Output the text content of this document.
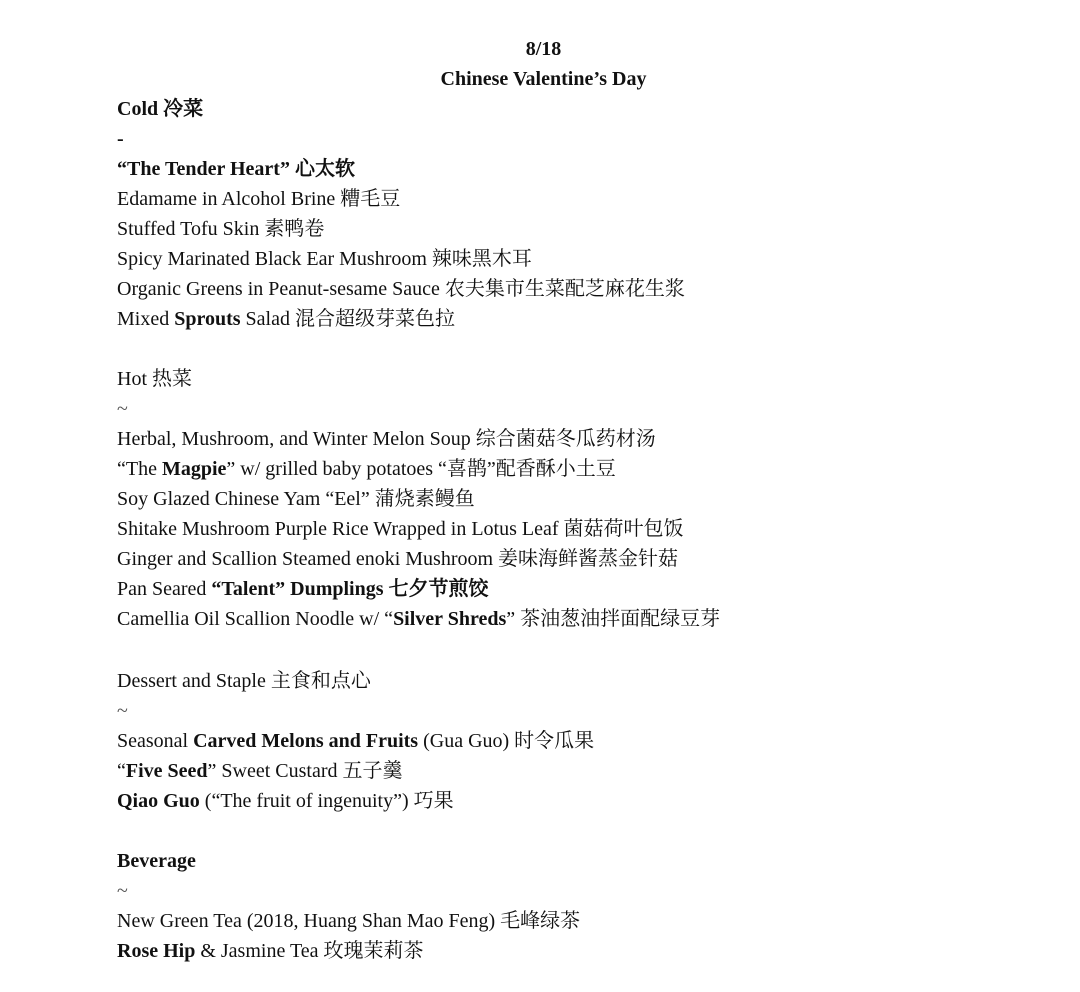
8/18
Chinese Valentine’s Day
Cold 冷菜
-
“The Tender Heart” 心太软
Edamame in Alcohol Brine 糟毛豆
Stuffed Tofu Skin 素鸭卷
Spicy Marinated Black Ear Mushroom 辣味黑木耳
Organic Greens in Peanut-sesame Sauce 农夫集市生菜配芝麻花生浆
Mixed Sprouts Salad 混合超级芽菜色拉
Hot 热菜
~
Herbal, Mushroom, and Winter Melon Soup 综合菌菇冬瓜药材汤
“The Magpie” w/ grilled baby potatoes “喜鹊”配香酥小土豆
Soy Glazed Chinese Yam “Eel” 蒲烧素鳗鱼
Shitake Mushroom Purple Rice Wrapped in Lotus Leaf 菌菇荷叶包饭
Ginger and Scallion Steamed enoki Mushroom 姜味海鲜酱蒸金针菇
Pan Seared “Talent” Dumplings 七夕节煎饺
Camellia Oil Scallion Noodle w/ “Silver Shreds” 茶油葱油拌面配绿豆芽
Dessert and Staple 主食和点心
~
Seasonal Carved Melons and Fruits (Gua Guo) 时令瓜果
“Five Seed” Sweet Custard 五子羹
Qiao Guo (“The fruit of ingenuity”) 巧果
Beverage
~
New Green Tea (2018, Huang Shan Mao Feng) 毛峰绿茶
Rose Hip & Jasmine Tea 玫瑰茉莉茶
